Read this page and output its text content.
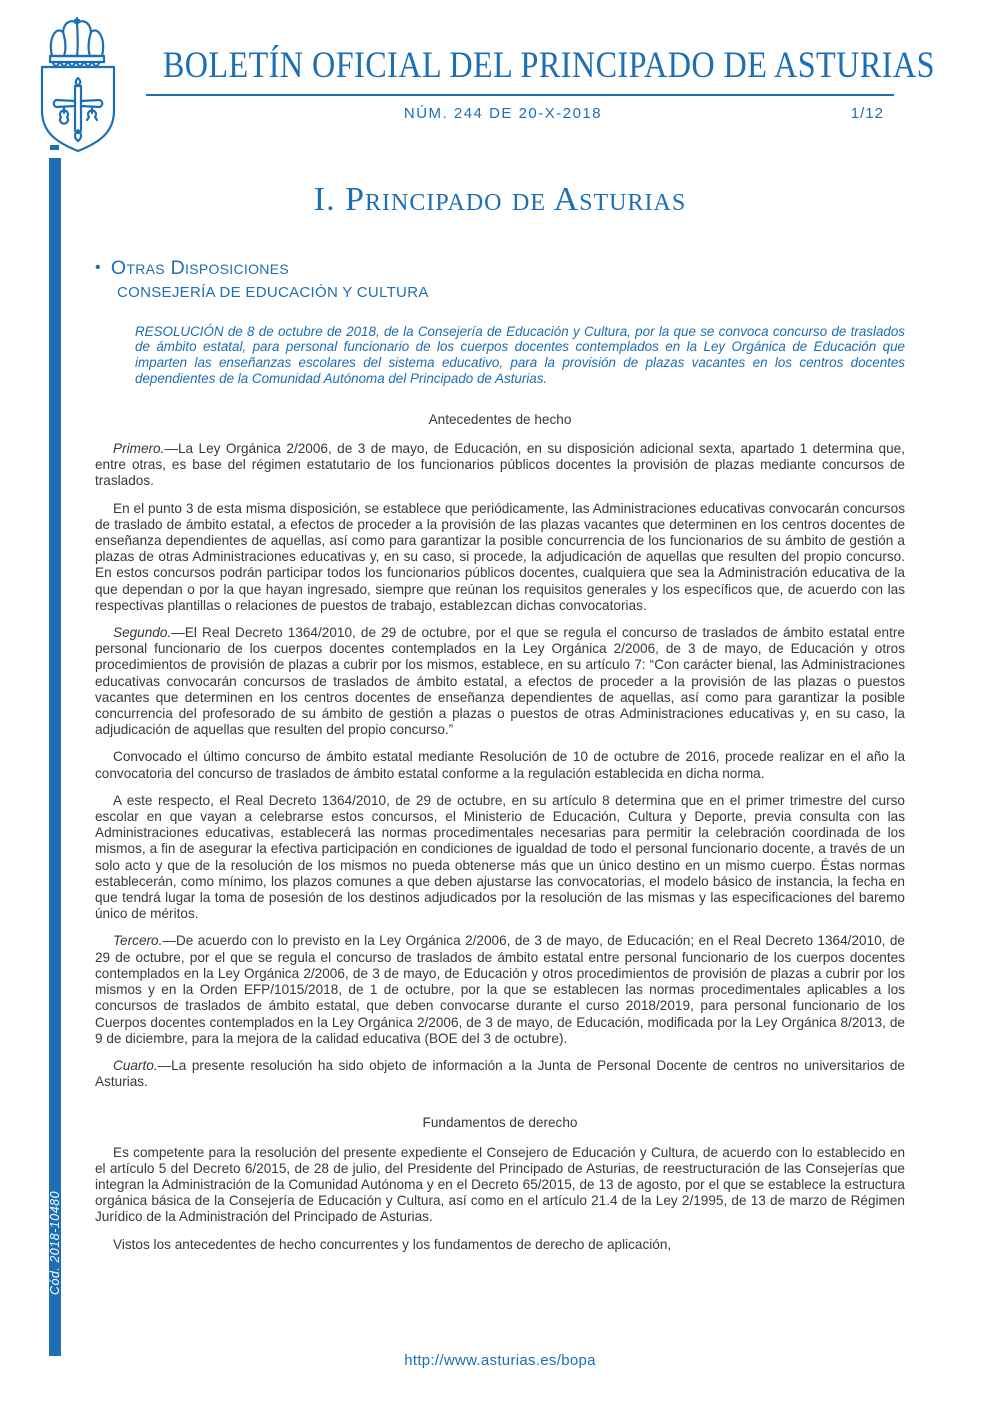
BOLETÍN OFICIAL DEL PRINCIPADO DE ASTURIAS
NÚM. 244 DE 20-X-2018	1/12
Cód. 2018-10480
I. Principado de Asturias
• Otras Disposiciones
CONSEJERÍA DE EDUCACIÓN Y CULTURA

RESOLUCIÓN de 8 de octubre de 2018, de la Consejería de Educación y Cultura, por la que se convoca concurso de traslados de ámbito estatal, para personal funcionario de los cuerpos docentes contemplados en la Ley Orgánica de Educación que imparten las enseñanzas escolares del sistema educativo, para la provisión de plazas vacantes en los centros docentes dependientes de la Comunidad Autónoma del Principado de Asturias.

Antecedentes de hecho

Primero.—La Ley Orgánica 2/2006, de 3 de mayo, de Educación, en su disposición adicional sexta, apartado 1 determina que, entre otras, es base del régimen estatutario de los funcionarios públicos docentes la provisión de plazas mediante concursos de traslados.

En el punto 3 de esta misma disposición, se establece que periódicamente, las Administraciones educativas convocarán concursos de traslado de ámbito estatal, a efectos de proceder a la provisión de las plazas vacantes que determinen en los centros docentes de enseñanza dependientes de aquellas, así como para garantizar la posible concurrencia de los funcionarios de su ámbito de gestión a plazas de otras Administraciones educativas y, en su caso, si procede, la adjudicación de aquellas que resulten del propio concurso. En estos concursos podrán participar todos los funcionarios públicos docentes, cualquiera que sea la Administración educativa de la que dependan o por la que hayan ingresado, siempre que reúnan los requisitos generales y los específicos que, de acuerdo con las respectivas plantillas o relaciones de puestos de trabajo, establezcan dichas convocatorias.

Segundo.—El Real Decreto 1364/2010, de 29 de octubre, por el que se regula el concurso de traslados de ámbito estatal entre personal funcionario de los cuerpos docentes contemplados en la Ley Orgánica 2/2006, de 3 de mayo, de Educación y otros procedimientos de provisión de plazas a cubrir por los mismos, establece, en su artículo 7: “Con carácter bienal, las Administraciones educativas convocarán concursos de traslados de ámbito estatal, a efectos de proceder a la provisión de las plazas o puestos vacantes que determinen en los centros docentes de enseñanza dependientes de aquellas, así como para garantizar la posible concurrencia del profesorado de su ámbito de gestión a plazas o puestos de otras Administraciones educativas y, en su caso, la adjudicación de aquellas que resulten del propio concurso.”

Convocado el último concurso de ámbito estatal mediante Resolución de 10 de octubre de 2016, procede realizar en el año la convocatoria del concurso de traslados de ámbito estatal conforme a la regulación establecida en dicha norma.

A este respecto, el Real Decreto 1364/2010, de 29 de octubre, en su artículo 8 determina que en el primer trimestre del curso escolar en que vayan a celebrarse estos concursos, el Ministerio de Educación, Cultura y Deporte, previa consulta con las Administraciones educativas, establecerá las normas procedimentales necesarias para permitir la celebración coordinada de los mismos, a fin de asegurar la efectiva participación en condiciones de igualdad de todo el personal funcionario docente, a través de un solo acto y que de la resolución de los mismos no pueda obtenerse más que un único destino en un mismo cuerpo. Éstas normas establecerán, como mínimo, los plazos comunes a que deben ajustarse las convocatorias, el modelo básico de instancia, la fecha en que tendrá lugar la toma de posesión de los destinos adjudicados por la resolución de las mismas y las especificaciones del baremo único de méritos.

Tercero.—De acuerdo con lo previsto en la Ley Orgánica 2/2006, de 3 de mayo, de Educación; en el Real Decreto 1364/2010, de 29 de octubre, por el que se regula el concurso de traslados de ámbito estatal entre personal funcionario de los cuerpos docentes contemplados en la Ley Orgánica 2/2006, de 3 de mayo, de Educación y otros procedimientos de provisión de plazas a cubrir por los mismos y en la Orden EFP/1015/2018, de 1 de octubre, por la que se establecen las normas procedimentales aplicables a los concursos de traslados de ámbito estatal, que deben convocarse durante el curso 2018/2019, para personal funcionario de los Cuerpos docentes contemplados en la Ley Orgánica 2/2006, de 3 de mayo, de Educación, modificada por la Ley Orgánica 8/2013, de 9 de diciembre, para la mejora de la calidad educativa (BOE del 3 de octubre).

Cuarto.—La presente resolución ha sido objeto de información a la Junta de Personal Docente de centros no universitarios de Asturias.

Fundamentos de derecho

Es competente para la resolución del presente expediente el Consejero de Educación y Cultura, de acuerdo con lo establecido en el artículo 5 del Decreto 6/2015, de 28 de julio, del Presidente del Principado de Asturias, de reestructuración de las Consejerías que integran la Administración de la Comunidad Autónoma y en el Decreto 65/2015, de 13 de agosto, por el que se establece la estructura orgánica básica de la Consejería de Educación y Cultura, así como en el artículo 21.4 de la Ley 2/1995, de 13 de marzo de Régimen Jurídico de la Administración del Principado de Asturias.

Vistos los antecedentes de hecho concurrentes y los fundamentos de derecho de aplicación,

http://www.asturias.es/bopa
